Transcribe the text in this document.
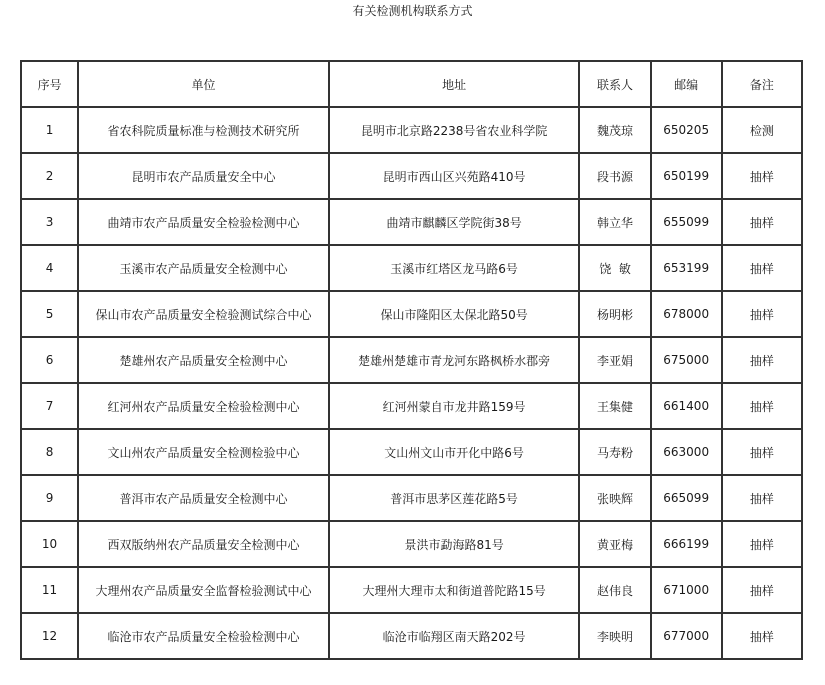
有关检测机构联系方式
序号	单位	地址	联系人	邮编	备注
1	省农科院质量标准与检测技术研究所	昆明市北京路2238号省农业科学院	魏茂琼	650205	检测
2	昆明市农产品质量安全中心	昆明市西山区兴苑路410号	段书源	650199	抽样
3	曲靖市农产品质量安全检验检测中心	曲靖市麒麟区学院街38号	韩立华	655099	抽样
4	玉溪市农产品质量安全检测中心	玉溪市红塔区龙马路6号	饶  敏	653199	抽样
5	保山市农产品质量安全检验测试综合中心	保山市隆阳区太保北路50号	杨明彬	678000	抽样
6	楚雄州农产品质量安全检测中心	楚雄州楚雄市青龙河东路枫桥水郡旁	李亚娟	675000	抽样
7	红河州农产品质量安全检验检测中心	红河州蒙自市龙井路159号	王集健	661400	抽样
8	文山州农产品质量安全检测检验中心	文山州文山市开化中路6号	马寿粉	663000	抽样
9	普洱市农产品质量安全检测中心	普洱市思茅区莲花路5号	张映辉	665099	抽样
10	西双版纳州农产品质量安全检测中心	景洪市勐海路81号	黄亚梅	666199	抽样
11	大理州农产品质量安全监督检验测试中心	大理州大理市太和街道普陀路15号	赵伟良	671000	抽样
12	临沧市农产品质量安全检验检测中心	临沧市临翔区南天路202号	李映明	677000	抽样
